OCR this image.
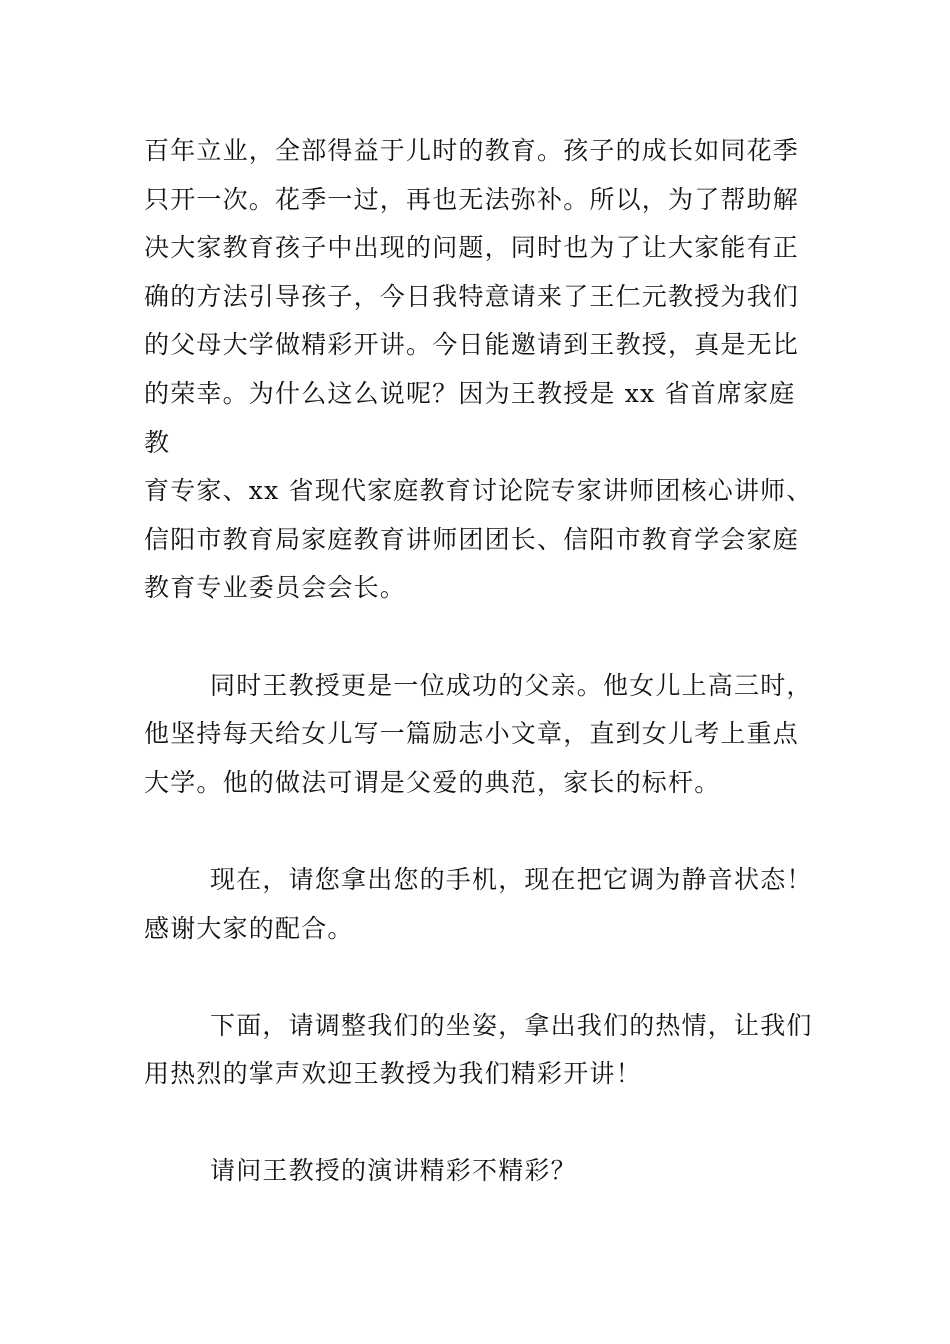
百年立业，全部得益于儿时的教育。孩子的成长如同花季
只开一次。花季一过，再也无法弥补。所以，为了帮助解
决大家教育孩子中出现的问题，同时也为了让大家能有正
确的方法引导孩子，今日我特意请来了王仁元教授为我们
的父母大学做精彩开讲。今日能邀请到王教授，真是无比
的荣幸。为什么这么说呢？因为王教授是 xx 省首席家庭教
育专家、xx 省现代家庭教育讨论院专家讲师团核心讲师、
信阳市教育局家庭教育讲师团团长、信阳市教育学会家庭
教育专业委员会会长。

同时王教授更是一位成功的父亲。他女儿上高三时，
他坚持每天给女儿写一篇励志小文章，直到女儿考上重点
大学。他的做法可谓是父爱的典范，家长的标杆。

现在，请您拿出您的手机，现在把它调为静音状态！
感谢大家的配合。

下面，请调整我们的坐姿，拿出我们的热情，让我们
用热烈的掌声欢迎王教授为我们精彩开讲！

请问王教授的演讲精彩不精彩？
